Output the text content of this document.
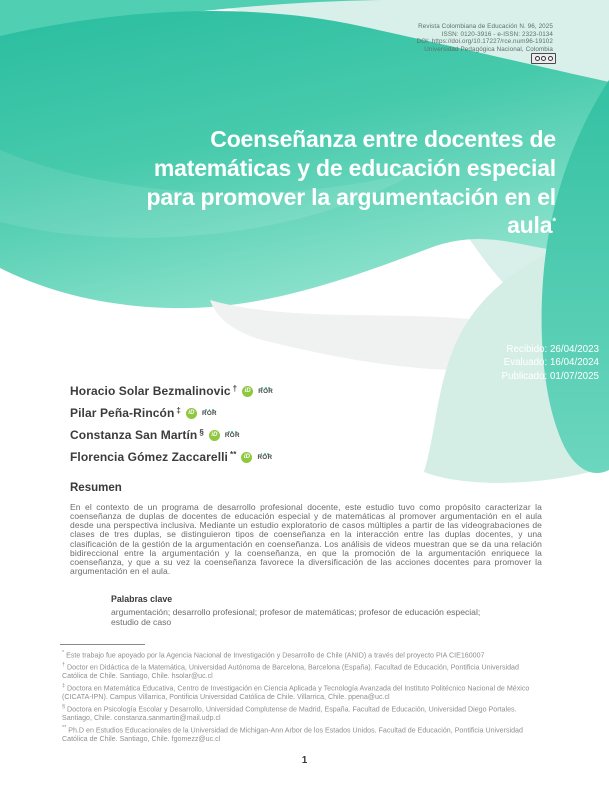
Revista Colombiana de Educación N. 96, 2025
ISSN: 0120-3916 - e-ISSN: 2323-0134
DOI: https://doi.org/10.17227/rce.num96-19102
Universidad Pedagógica Nacional, Colombia
Coenseñanza entre docentes de
matemáticas y de educación especial
para promover la argumentación en el
aula*
Recibido: 26/04/2023
Evaluado: 16/04/2024
Publicado: 01/07/2025
Horacio Solar Bezmalinovic †	iD	ROR
Pilar Peña-Rincón ‡	iD	ROR
Constanza San Martín §	iD	ROR
Florencia Gómez Zaccarelli **	iD	ROR
Resumen
En el contexto de un programa de desarrollo profesional docente, este estudio tuvo como propósito caracterizar la coenseñanza de duplas de docentes de educación especial y de matemáticas al promover argumentación en el aula desde una perspectiva inclusiva. Mediante un estudio exploratorio de casos múltiples a partir de las videograbaciones de clases de tres duplas, se distinguieron tipos de coenseñanza en la interacción entre las duplas docentes, y una clasificación de la gestión de la argumentación en coenseñanza. Los análisis de videos muestran que se da una relación bidireccional entre la argumentación y la coenseñanza, en que la promoción de la argumentación enriquece la coenseñanza, y que a su vez la coenseñanza favorece la diversificación de las acciones docentes para promover la argumentación en el aula.
Palabras clave
argumentación; desarrollo profesional; profesor de matemáticas; profesor de educación especial; estudio de caso

* Este trabajo fue apoyado por la Agencia Nacional de Investigación y Desarrollo de Chile (ANID) a través del proyecto PIA CIE160007

† Doctor en Didáctica de la Matemática, Universidad Autónoma de Barcelona, Barcelona (España). Facultad de Educación, Pontificia Universidad Católica de Chile. Santiago, Chile. hsolar@uc.cl

‡ Doctora en Matemática Educativa, Centro de Investigación en Ciencia Aplicada y Tecnología Avanzada del Instituto Politécnico Nacional de México (CICATA-IPN). Campus Villarrica, Pontificia Universidad Católica de Chile. Villarrica, Chile. ppena@uc.cl

§ Doctora en Psicología Escolar y Desarrollo, Universidad Complutense de Madrid, España. Facultad de Educación, Universidad Diego Portales. Santiago, Chile. constanza.sanmartin@mail.udp.cl

** Ph.D en Estudios Educacionales de la Universidad de Michigan-Ann Arbor de los Estados Unidos. Facultad de Educación, Pontificia Universidad Católica de Chile. Santiago, Chile. fgomezz@uc.cl

1
